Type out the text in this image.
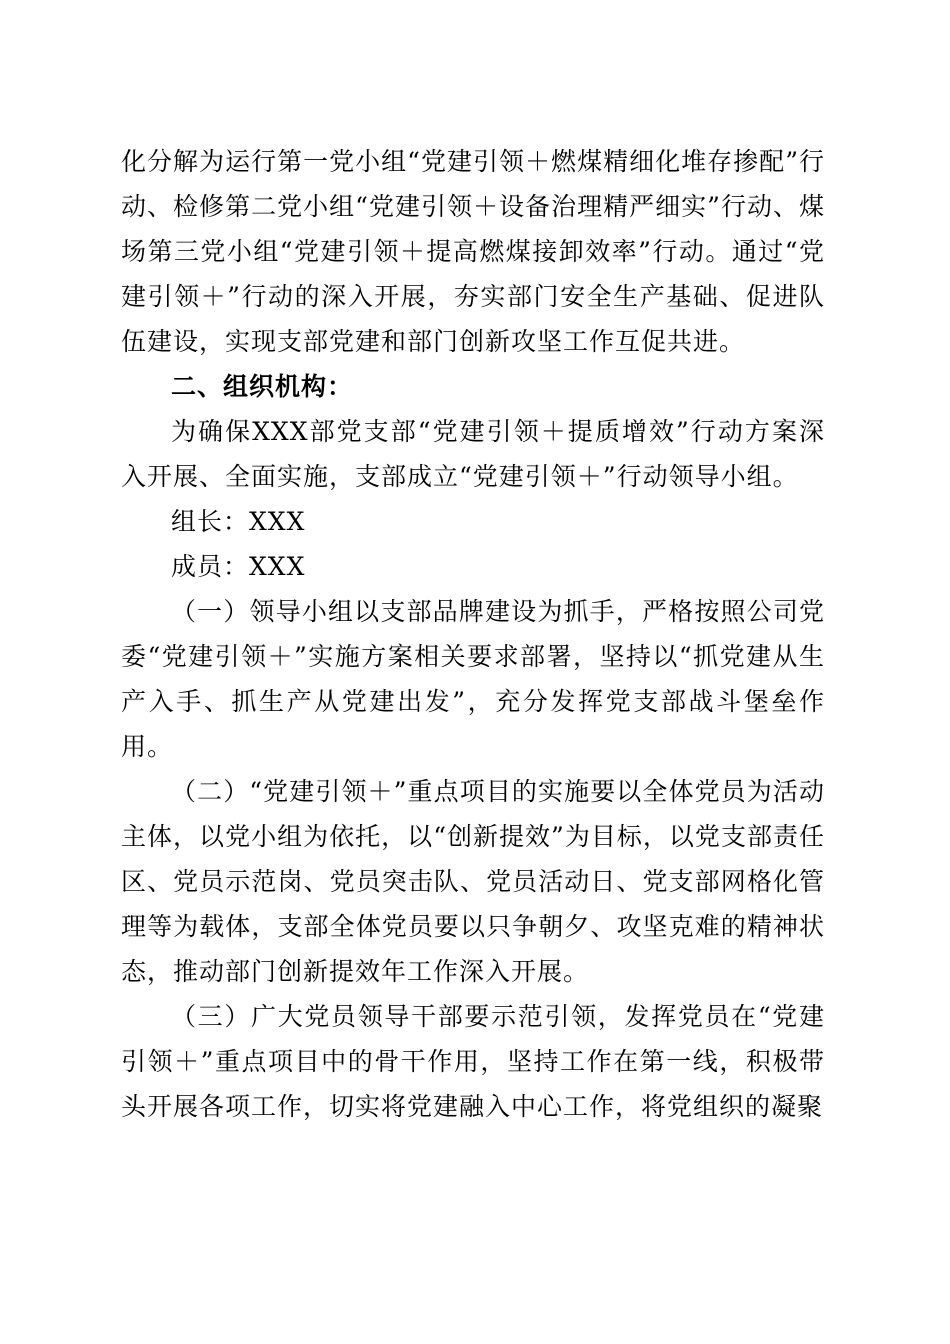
化分解为运行第一党小组“党建引领＋燃煤精细化堆存掺配”行动、检修第二党小组“党建引领＋设备治理精严细实”行动、煤场第三党小组“党建引领＋提高燃煤接卸效率”行动。通过“党建引领＋”行动的深入开展，夯实部门安全生产基础、促进队伍建设，实现支部党建和部门创新攻坚工作互促共进。

二、组织机构：

为确保XXX部党支部“党建引领＋提质增效”行动方案深入开展、全面实施，支部成立“党建引领＋”行动领导小组。

组长：XXX

成员：XXX

（一）领导小组以支部品牌建设为抓手，严格按照公司党委“党建引领＋”实施方案相关要求部署，坚持以“抓党建从生产入手、抓生产从党建出发”，充分发挥党支部战斗堡垒作用。

（二）“党建引领＋”重点项目的实施要以全体党员为活动主体，以党小组为依托，以“创新提效”为目标，以党支部责任区、党员示范岗、党员突击队、党员活动日、党支部网格化管理等为载体，支部全体党员要以只争朝夕、攻坚克难的精神状态，推动部门创新提效年工作深入开展。

（三）广大党员领导干部要示范引领，发挥党员在“党建引领＋”重点项目中的骨干作用，坚持工作在第一线，积极带头开展各项工作，切实将党建融入中心工作，将党组织的凝聚
